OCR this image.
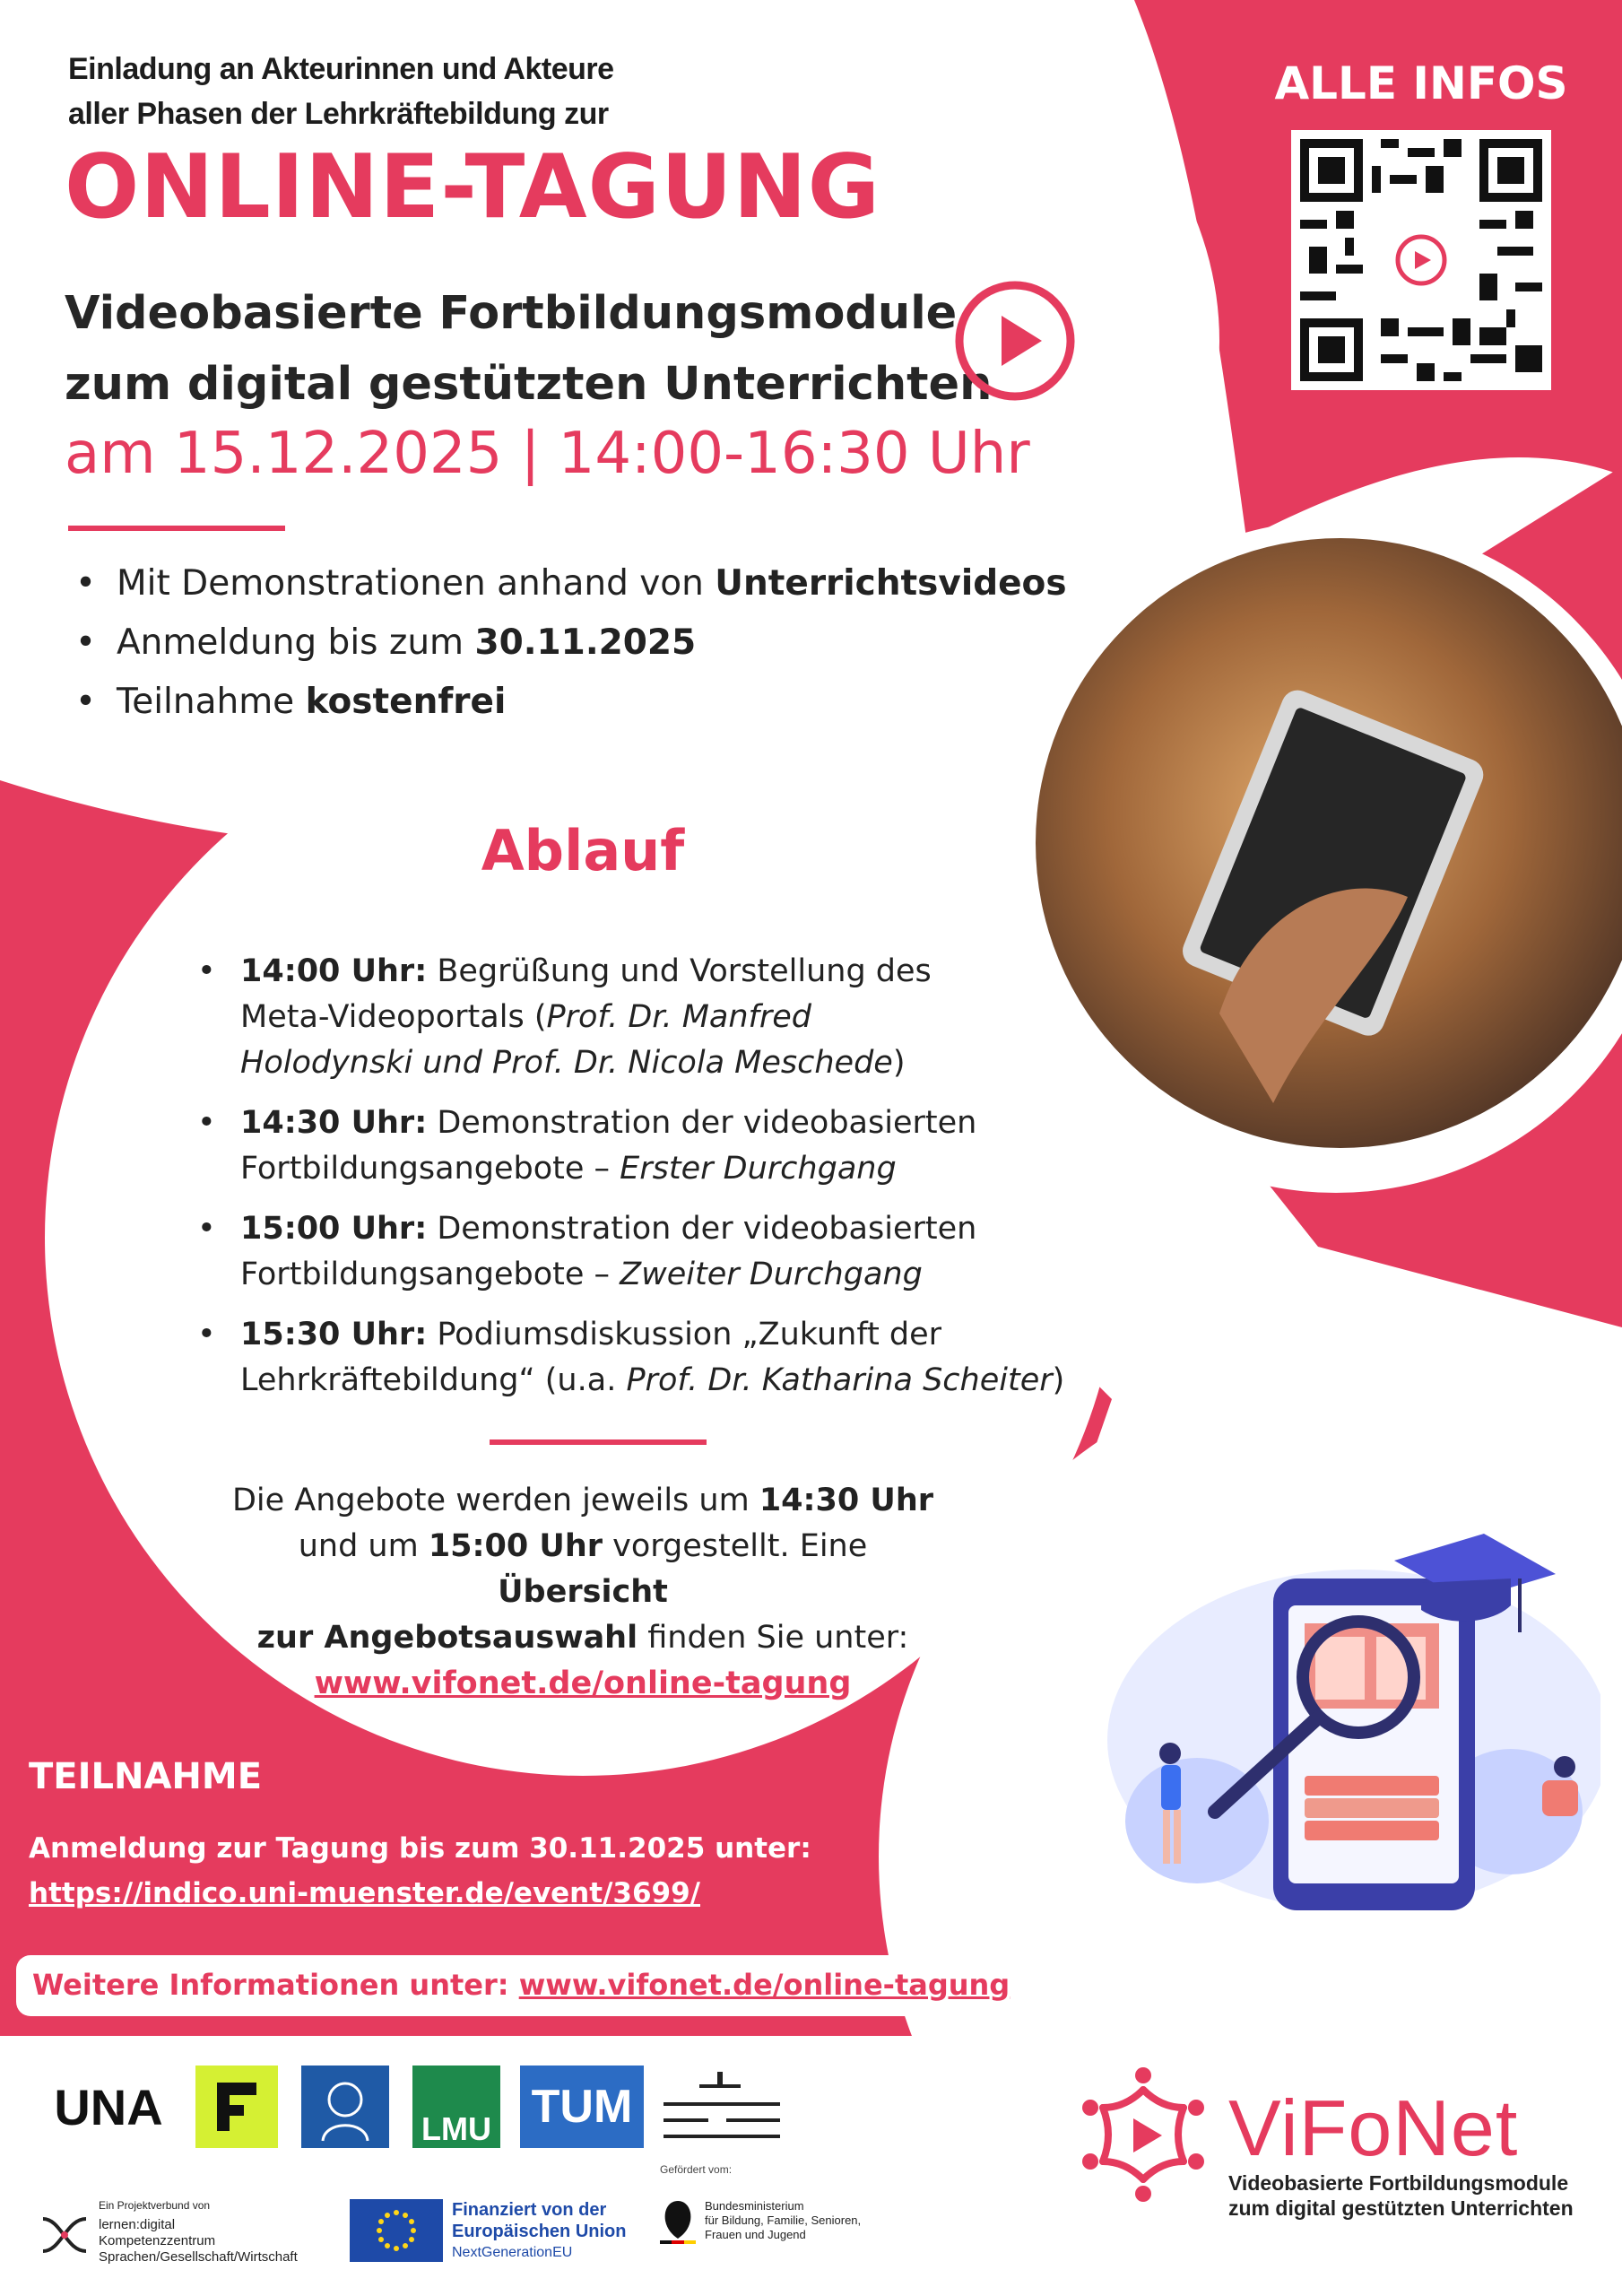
Einladung an Akteurinnen und Akteure
aller Phasen der Lehrkräftebildung zur
ONLINE-TAGUNG
Videobasierte Fortbildungsmodule
zum digital gestützten Unterrichten
am 15.12.2025 | 14:00-16:30 Uhr
• Mit Demonstrationen anhand von Unterrichtsvideos
• Anmeldung bis zum 30.11.2025
• Teilnahme kostenfrei
ALLE INFOS
Ablauf
• 14:00 Uhr: Begrüßung und Vorstellung des
Meta-Videoportals (Prof. Dr. Manfred
Holodynski und Prof. Dr. Nicola Meschede)
• 14:30 Uhr: Demonstration der videobasierten
Fortbildungsangebote – Erster Durchgang
• 15:00 Uhr: Demonstration der videobasierten
Fortbildungsangebote – Zweiter Durchgang
• 15:30 Uhr: Podiumsdiskussion „Zukunft der
Lehrkräftebildung“ (u.a. Prof. Dr. Katharina Scheiter)
Die Angebote werden jeweils um 14:30 Uhr
und um 15:00 Uhr vorgestellt. Eine Übersicht
zur Angebotsauswahl finden Sie unter:
www.vifonet.de/online-tagung
TEILNAHME
Anmeldung zur Tagung bis zum 30.11.2025 unter:
https://indico.uni-muenster.de/event/3699/
Weitere Informationen unter: www.vifonet.de/online-tagung
UNA	LMU TUM
Ein Projektverbund von
lernen:digital
Kompetenzzentrum
Sprachen/Gesellschaft/Wirtschaft
Finanziert von der
Europäischen Union
NextGenerationEU
Gefördert vom:
Bundesministerium
für Bildung, Familie, Senioren,
Frauen und Jugend
ViFoNet
Videobasierte Fortbildungsmodule
zum digital gestützten Unterrichten
